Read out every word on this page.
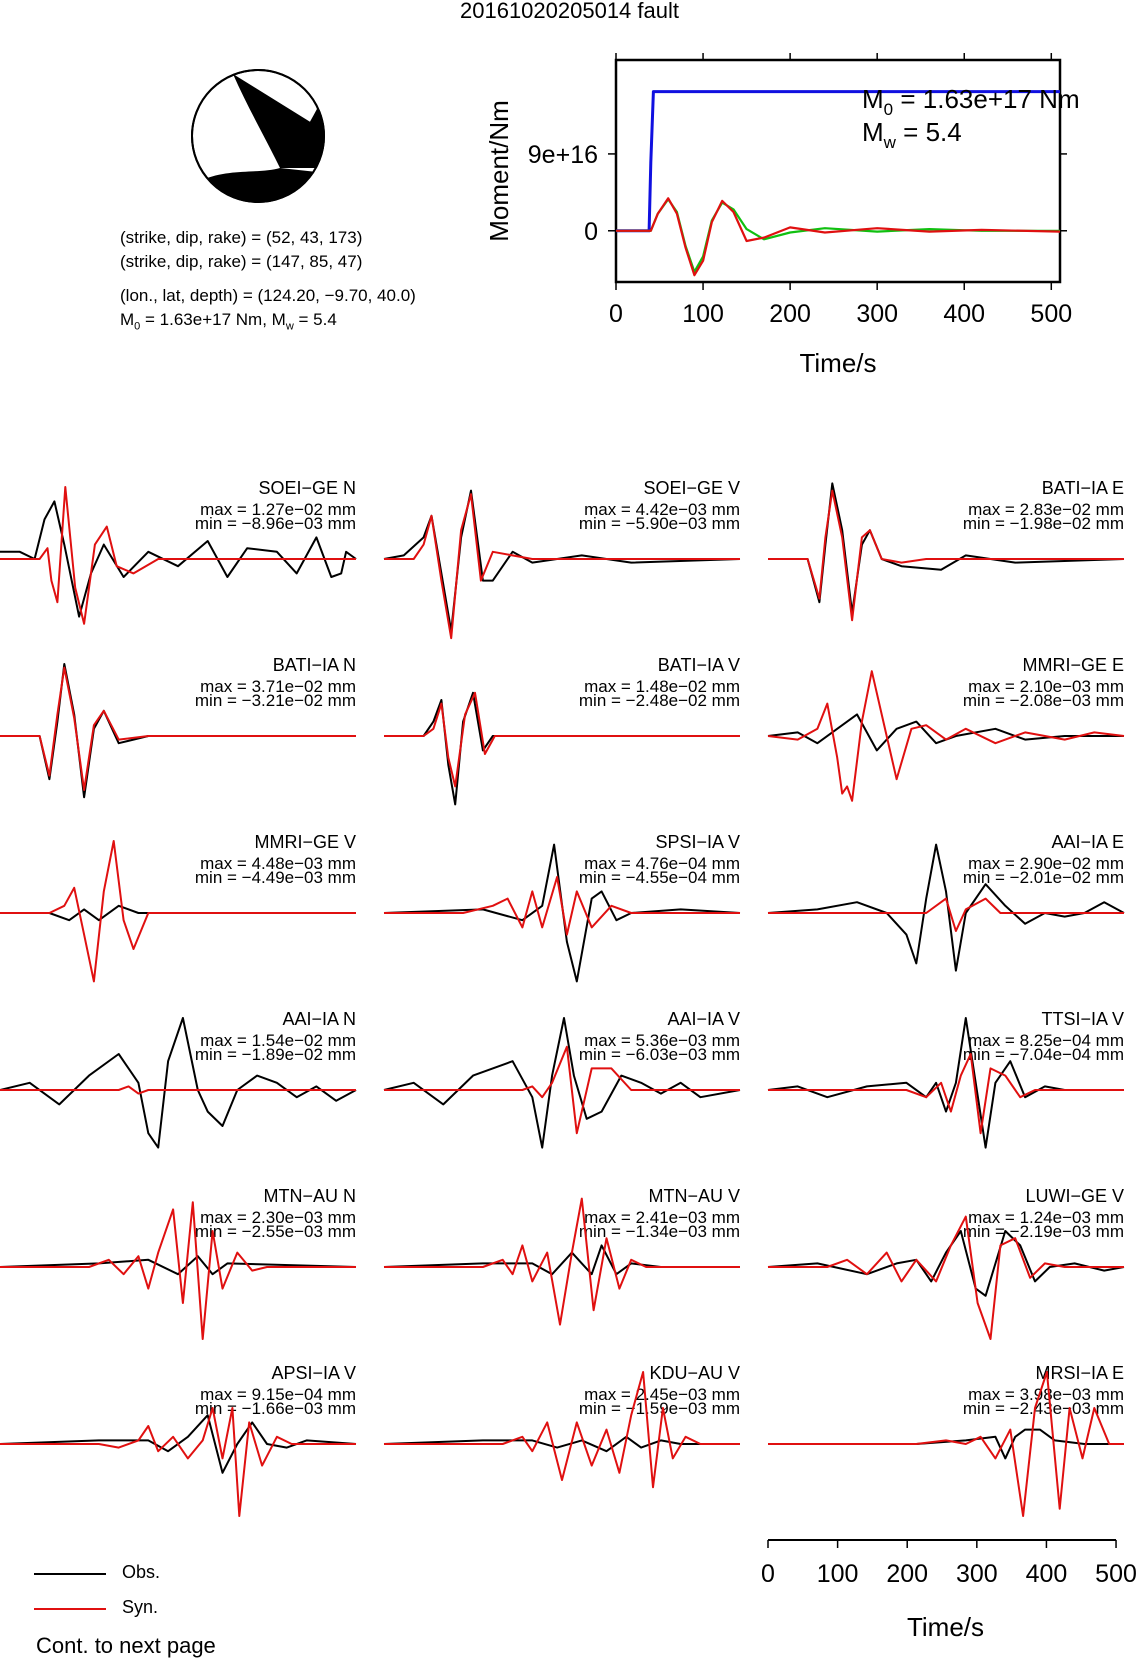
20161020205014 fault
(strike, dip, rake) = (52, 43, 173)
(strike, dip, rake) = (147, 85, 47)
(lon., lat, depth) = (124.20, −9.70, 40.0)
$M_0 = 1.63e+17$ Nm, $M_w = 5.4$	0 100 200 300 400 500
0
9e+16
Time/s
Moment/Nm
$M_0 = 1.63e+17$ Nm
$M_w = 5.4$
SOEI−GE N
max = 1.27e−02 mm
min = −8.96e−03 mm
SOEI−GE V
max = 4.42e−03 mm
min = −5.90e−03 mm
BATI−IA E
max = 2.83e−02 mm
min = −1.98e−02 mm
BATI−IA N
max = 3.71e−02 mm
min = −3.21e−02 mm
BATI−IA V
max = 1.48e−02 mm
min = −2.48e−02 mm
MMRI−GE E
max = 2.10e−03 mm
min = −2.08e−03 mm
MMRI−GE V
max = 4.48e−03 mm
min = −4.49e−03 mm
SPSI−IA V
max = 4.76e−04 mm
min = −4.55e−04 mm
AAI−IA E
max = 2.90e−02 mm
min = −2.01e−02 mm
AAI−IA N
max = 1.54e−02 mm
min = −1.89e−02 mm
AAI−IA V
max = 5.36e−03 mm
min = −6.03e−03 mm
TTSI−IA V
max = 8.25e−04 mm
min = −7.04e−04 mm
MTN−AU N
max = 2.30e−03 mm
min = −2.55e−03 mm
MTN−AU V
max = 2.41e−03 mm
min = −1.34e−03 mm
LUWI−GE V
max = 1.24e−03 mm
min = −2.19e−03 mm
APSI−IA V
max = 9.15e−04 mm
min = −1.66e−03 mm
KDU−AU V
max = 2.45e−03 mm
min = −1.59e−03 mm
MRSI−IA E
max = 3.98e−03 mm
min = −2.43e−03 mm
0 100 200 300 400 500
Time/s
Obs.
Syn.
Cont. to next page
